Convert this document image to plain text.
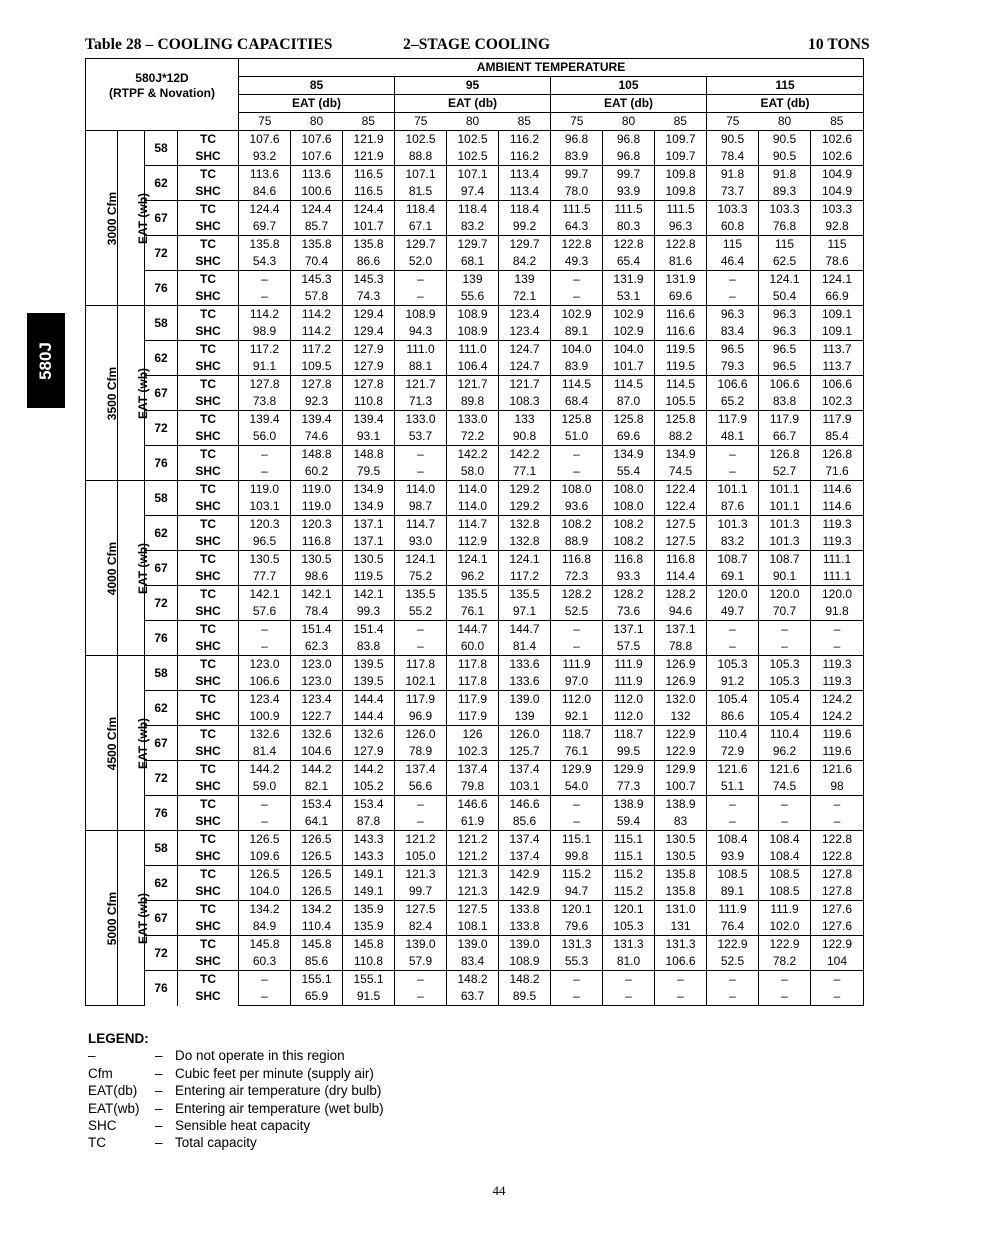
Table 28 – COOLING CAPACITIES	2–STAGE COOLING	10 TONS
580J
580J*12D
(RTPF & Novation)				AMBIENT TEMPERATURE											
				85			95			105			115		
				EAT (db)			EAT (db)			EAT (db)			EAT (db)		
				75	80	85	75	80	85	75	80	85	75	80	85
3000 Cfm	EAT (wb)	58	TC	107.6	107.6	121.9	102.5	102.5	116.2	96.8	96.8	109.7	90.5	90.5	102.6
			SHC	93.2	107.6	121.9	88.8	102.5	116.2	83.9	96.8	109.7	78.4	90.5	102.6
		62	TC	113.6	113.6	116.5	107.1	107.1	113.4	99.7	99.7	109.8	91.8	91.8	104.9
			SHC	84.6	100.6	116.5	81.5	97.4	113.4	78.0	93.9	109.8	73.7	89.3	104.9
		67	TC	124.4	124.4	124.4	118.4	118.4	118.4	111.5	111.5	111.5	103.3	103.3	103.3
			SHC	69.7	85.7	101.7	67.1	83.2	99.2	64.3	80.3	96.3	60.8	76.8	92.8
		72	TC	135.8	135.8	135.8	129.7	129.7	129.7	122.8	122.8	122.8	115	115	115
			SHC	54.3	70.4	86.6	52.0	68.1	84.2	49.3	65.4	81.6	46.4	62.5	78.6
		76	TC	–	145.3	145.3	–	139	139	–	131.9	131.9	–	124.1	124.1
			SHC	–	57.8	74.3	–	55.6	72.1	–	53.1	69.6	–	50.4	66.9
3500 Cfm	EAT (wb)	58	TC	114.2	114.2	129.4	108.9	108.9	123.4	102.9	102.9	116.6	96.3	96.3	109.1
			SHC	98.9	114.2	129.4	94.3	108.9	123.4	89.1	102.9	116.6	83.4	96.3	109.1
		62	TC	117.2	117.2	127.9	111.0	111.0	124.7	104.0	104.0	119.5	96.5	96.5	113.7
			SHC	91.1	109.5	127.9	88.1	106.4	124.7	83.9	101.7	119.5	79.3	96.5	113.7
		67	TC	127.8	127.8	127.8	121.7	121.7	121.7	114.5	114.5	114.5	106.6	106.6	106.6
			SHC	73.8	92.3	110.8	71.3	89.8	108.3	68.4	87.0	105.5	65.2	83.8	102.3
		72	TC	139.4	139.4	139.4	133.0	133.0	133	125.8	125.8	125.8	117.9	117.9	117.9
			SHC	56.0	74.6	93.1	53.7	72.2	90.8	51.0	69.6	88.2	48.1	66.7	85.4
		76	TC	–	148.8	148.8	–	142.2	142.2	–	134.9	134.9	–	126.8	126.8
			SHC	–	60.2	79.5	–	58.0	77.1	–	55.4	74.5	–	52.7	71.6
4000 Cfm	EAT (wb)	58	TC	119.0	119.0	134.9	114.0	114.0	129.2	108.0	108.0	122.4	101.1	101.1	114.6
			SHC	103.1	119.0	134.9	98.7	114.0	129.2	93.6	108.0	122.4	87.6	101.1	114.6
		62	TC	120.3	120.3	137.1	114.7	114.7	132.8	108.2	108.2	127.5	101.3	101.3	119.3
			SHC	96.5	116.8	137.1	93.0	112.9	132.8	88.9	108.2	127.5	83.2	101.3	119.3
		67	TC	130.5	130.5	130.5	124.1	124.1	124.1	116.8	116.8	116.8	108.7	108.7	111.1
			SHC	77.7	98.6	119.5	75.2	96.2	117.2	72.3	93.3	114.4	69.1	90.1	111.1
		72	TC	142.1	142.1	142.1	135.5	135.5	135.5	128.2	128.2	128.2	120.0	120.0	120.0
			SHC	57.6	78.4	99.3	55.2	76.1	97.1	52.5	73.6	94.6	49.7	70.7	91.8
		76	TC	–	151.4	151.4	–	144.7	144.7	–	137.1	137.1	–	–	–
			SHC	–	62.3	83.8	–	60.0	81.4	–	57.5	78.8	–	–	–
4500 Cfm	EAT (wb)	58	TC	123.0	123.0	139.5	117.8	117.8	133.6	111.9	111.9	126.9	105.3	105.3	119.3
			SHC	106.6	123.0	139.5	102.1	117.8	133.6	97.0	111.9	126.9	91.2	105.3	119.3
		62	TC	123.4	123.4	144.4	117.9	117.9	139.0	112.0	112.0	132.0	105.4	105.4	124.2
			SHC	100.9	122.7	144.4	96.9	117.9	139	92.1	112.0	132	86.6	105.4	124.2
		67	TC	132.6	132.6	132.6	126.0	126	126.0	118.7	118.7	122.9	110.4	110.4	119.6
			SHC	81.4	104.6	127.9	78.9	102.3	125.7	76.1	99.5	122.9	72.9	96.2	119.6
		72	TC	144.2	144.2	144.2	137.4	137.4	137.4	129.9	129.9	129.9	121.6	121.6	121.6
			SHC	59.0	82.1	105.2	56.6	79.8	103.1	54.0	77.3	100.7	51.1	74.5	98
		76	TC	–	153.4	153.4	–	146.6	146.6	–	138.9	138.9	–	–	–
			SHC	–	64.1	87.8	–	61.9	85.6	–	59.4	83	–	–	–
5000 Cfm	EAT (wb)	58	TC	126.5	126.5	143.3	121.2	121.2	137.4	115.1	115.1	130.5	108.4	108.4	122.8
			SHC	109.6	126.5	143.3	105.0	121.2	137.4	99.8	115.1	130.5	93.9	108.4	122.8
		62	TC	126.5	126.5	149.1	121.3	121.3	142.9	115.2	115.2	135.8	108.5	108.5	127.8
			SHC	104.0	126.5	149.1	99.7	121.3	142.9	94.7	115.2	135.8	89.1	108.5	127.8
		67	TC	134.2	134.2	135.9	127.5	127.5	133.8	120.1	120.1	131.0	111.9	111.9	127.6
			SHC	84.9	110.4	135.9	82.4	108.1	133.8	79.6	105.3	131	76.4	102.0	127.6
		72	TC	145.8	145.8	145.8	139.0	139.0	139.0	131.3	131.3	131.3	122.9	122.9	122.9
			SHC	60.3	85.6	110.8	57.9	83.4	108.9	55.3	81.0	106.6	52.5	78.2	104
		76	TC	–	155.1	155.1	–	148.2	148.2	–	–	–	–	–	–
			SHC	–	65.9	91.5	–	63.7	89.5	–	–	–	–	–	–
LEGEND:
–	– Do not operate in this region
Cfm	– Cubic feet per minute (supply air)
EAT(db) – Entering air temperature (dry bulb)
EAT(wb) – Entering air temperature (wet bulb)
SHC	– Sensible heat capacity
TC	– Total capacity
44
